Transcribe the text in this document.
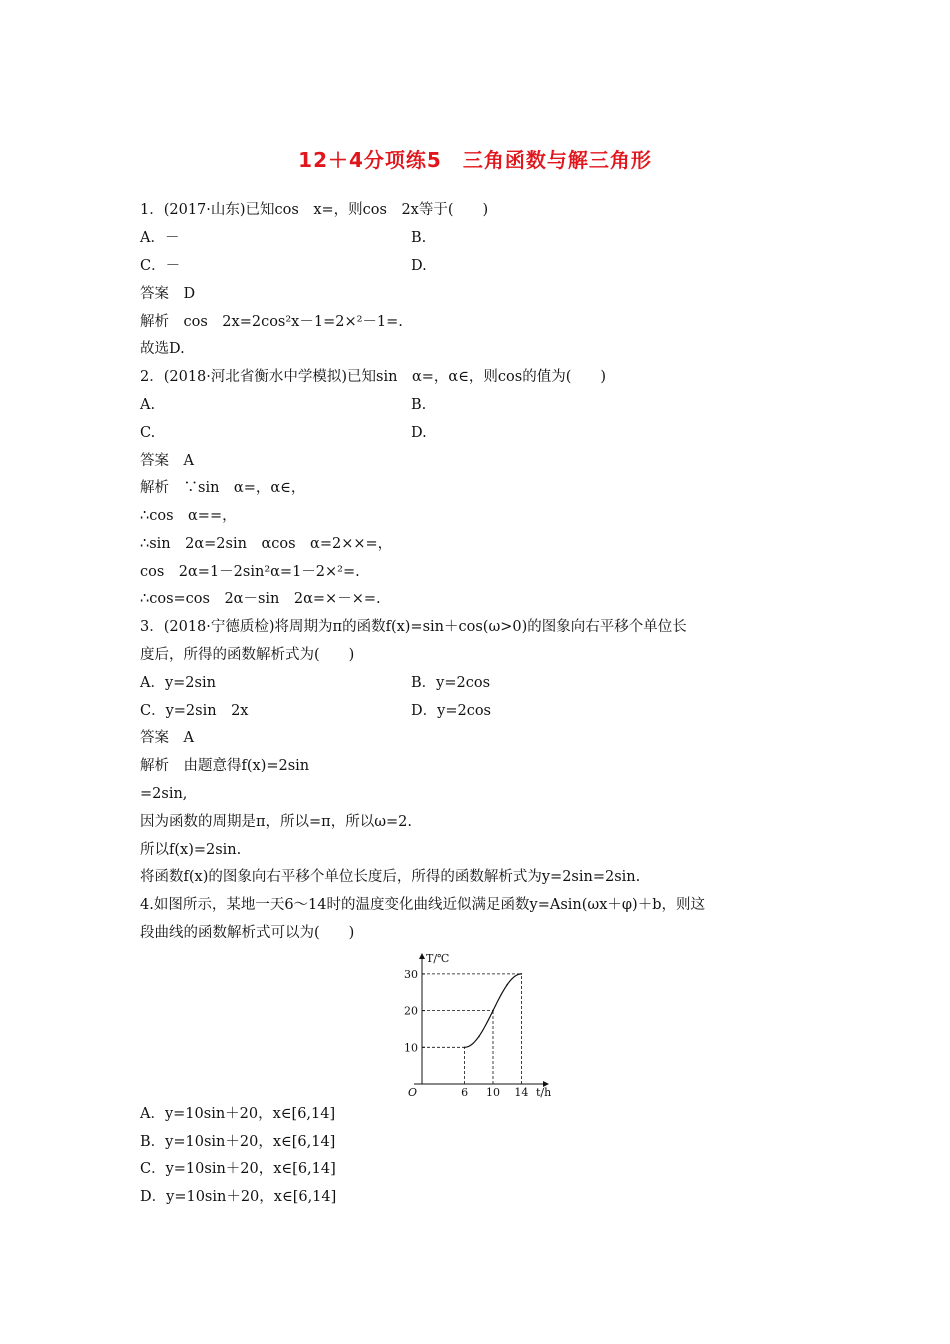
12＋4分项练5　三角函数与解三角形
1．(2017·山东)已知cos　x=，则cos　2x等于(　　)
A．－	B.
C．－	D.
答案　D
解析　cos　2x=2cos²x－1=2×²－1=.
故选D.
2．(2018·河北省衡水中学模拟)已知sin　α=，α∈，则cos的值为(　　)
A.	B.
C.	D.
答案　A
解析　∵sin　α=，α∈，
∴cos　α==，
∴sin　2α=2sin　αcos　α=2××=，
cos　2α=1－2sin²α=1－2×²=.
∴cos=cos　2α－sin　2α=×－×=.
3．(2018·宁德质检)将周期为π的函数f(x)=sin＋cos(ω>0)的图象向右平移个单位长
度后，所得的函数解析式为(　　)
A．y=2sin	B．y=2cos
C．y=2sin　2x	D．y=2cos
答案　A
解析　由题意得f(x)=2sin
=2sin,
因为函数的周期是π，所以=π，所以ω=2.
所以f(x)=2sin.
将函数f(x)的图象向右平移个单位长度后，所得的函数解析式为y=2sin=2sin.
4.如图所示，某地一天6～14时的温度变化曲线近似满足函数y=Asin(ωx＋φ)＋b，则这
段曲线的函数解析式可以为(　　)
T/℃
t/h
O
10
20
30
6 10 14
A．y=10sin＋20，x∈[6,14]
B．y=10sin＋20，x∈[6,14]
C．y=10sin＋20，x∈[6,14]
D．y=10sin＋20，x∈[6,14]
